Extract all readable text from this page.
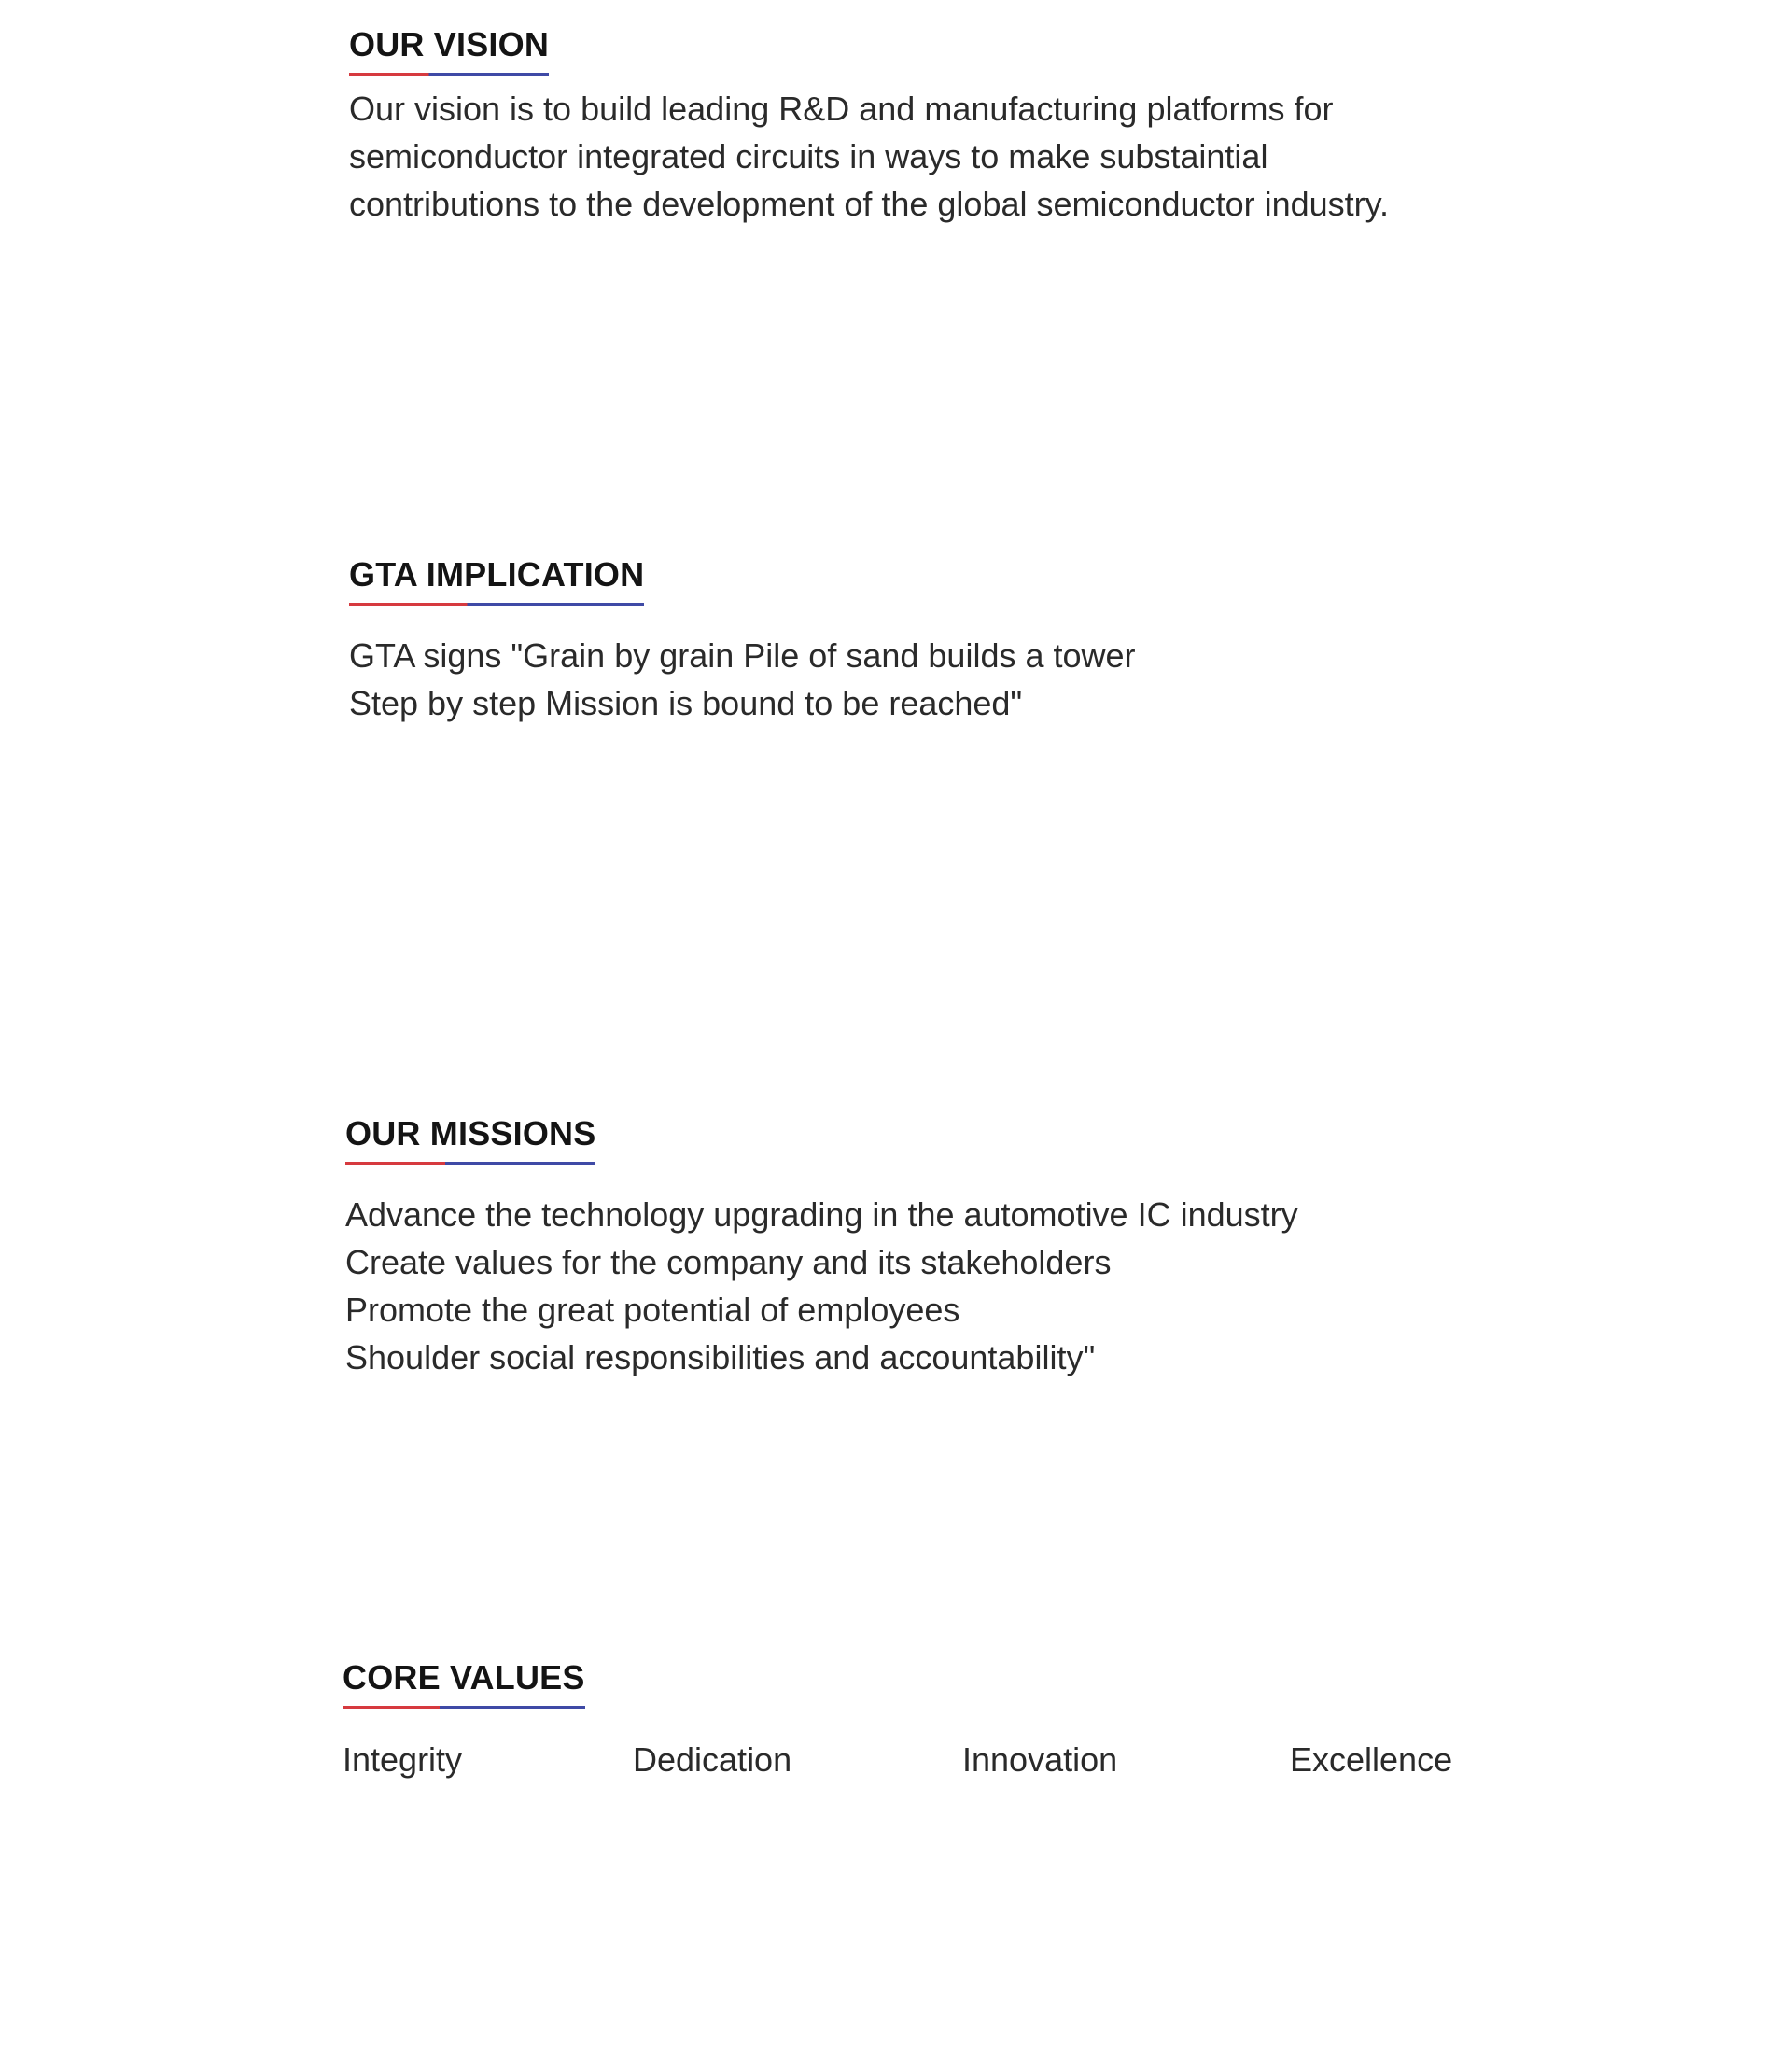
OUR VISION
Our vision is to build leading R&D and manufacturing platforms for
semiconductor integrated circuits in ways to make substaintial
contributions to the development of the global semiconductor industry.
GTA IMPLICATION
GTA signs "Grain by grain Pile of sand builds a tower
Step by step Mission is bound to be reached"
OUR MISSIONS
Advance the technology upgrading in the automotive IC industry
Create values for the company and its stakeholders
Promote the great potential of employees
Shoulder social responsibilities and accountability"
CORE VALUES
Integrity	Dedication	Innovation	Excellence
